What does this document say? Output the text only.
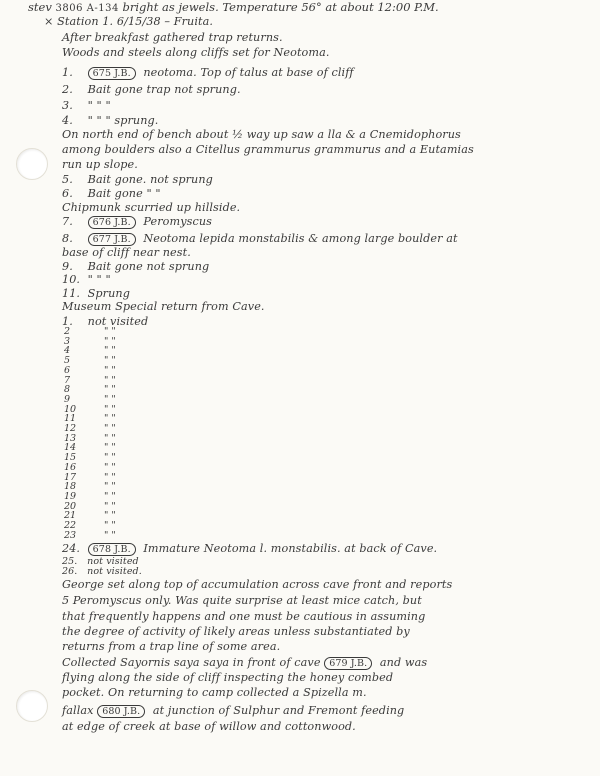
stev 3806 A-134 bright as jewels. Temperature 56° at about 12:00 P.M.
× Station 1. 6/15/38 – Fruita.
After breakfast gathered trap returns.
Woods and steels along cliffs set for Neotoma.
1. 675 J.B. neotoma. Top of talus at base of cliff
2. Bait gone trap not sprung.
3. " " "
4. " " " sprung.
On north end of bench about ½ way up saw a lla & a Cnemidophorus
among boulders also a Citellus grammurus grammurus and a Eutamias
run up slope.
5. Bait gone. not sprung
6. Bait gone " "
Chipmunk scurried up hillside.
7. 676 J.B. Peromyscus
8. 677 J.B. Neotoma lepida monstabilis & among large boulder at
base of cliff near nest.
9. Bait gone not sprung
10. " " "
11. Sprung
Museum Special return from Cave.
1. not visited
2
3
4
5
6
7
8
9
10
11
12
13
14
15
16
17
18
19
20
21
22
23
" "
" "
" "
" "
" "
" "
" "
" "
" "
" "
" "
" "
" "
" "
" "
" "
" "
" "
" "
" "
" "
" "
24. 678 J.B. Immature Neotoma l. monstabilis. at back of Cave.
25. not visited
26. not visited.
George set along top of accumulation across cave front and reports
5 Peromyscus only. Was quite surprise at least mice catch, but
that frequently happens and one must be cautious in assuming
the degree of activity of likely areas unless substantiated by
returns from a trap line of some area.
Collected Sayornis saya saya in front of cave 679 J.B. and was
flying along the side of cliff inspecting the honey combed
pocket. On returning to camp collected a Spizella m.
fallax 680 J.B. at junction of Sulphur and Fremont feeding
at edge of creek at base of willow and cottonwood.
